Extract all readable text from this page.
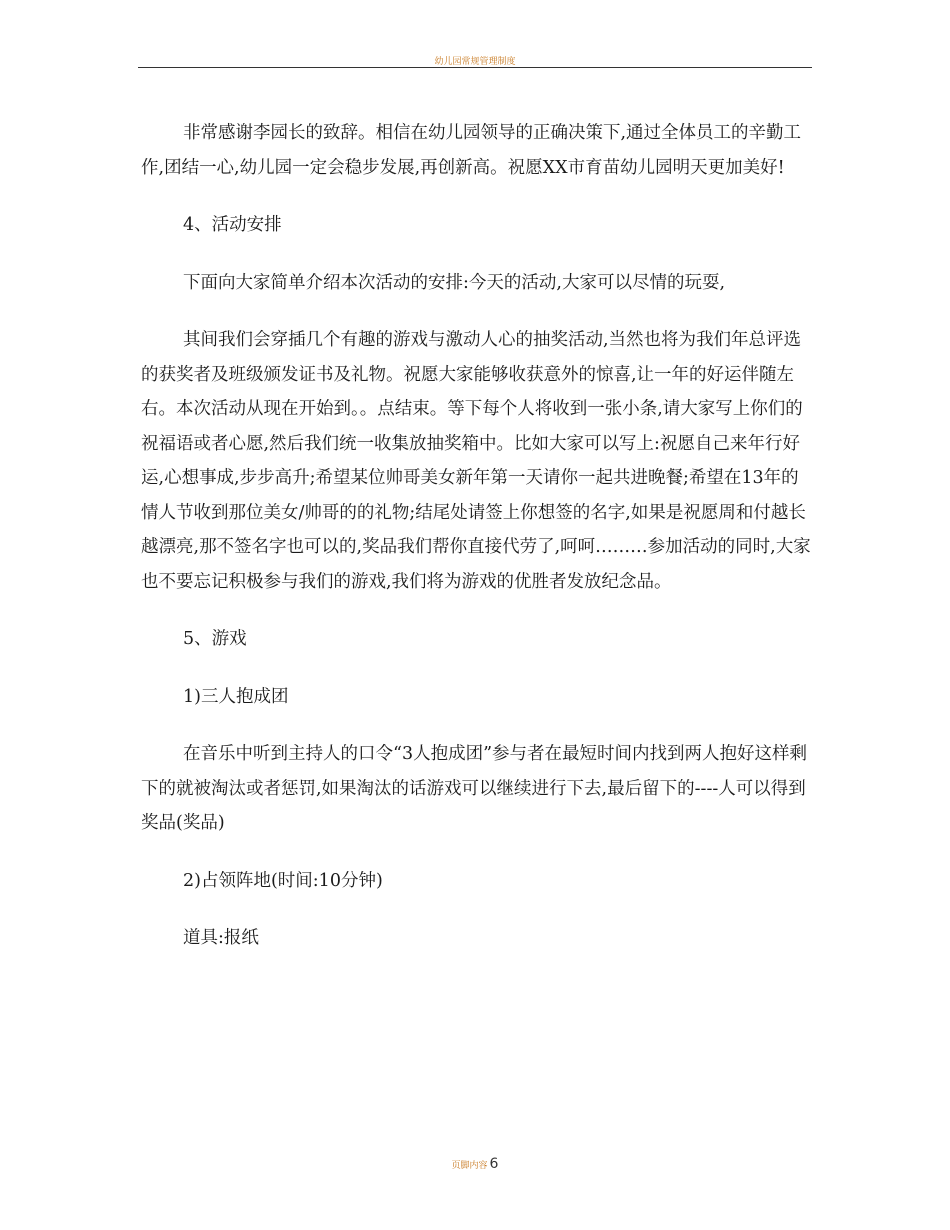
幼儿园常规管理制度

非常感谢李园长的致辞。相信在幼儿园领导的正确决策下,通过全体员工的辛勤工作,团结一心,幼儿园一定会稳步发展,再创新高。祝愿XX市育苗幼儿园明天更加美好!

4、活动安排

下面向大家简单介绍本次活动的安排:今天的活动,大家可以尽情的玩耍,

其间我们会穿插几个有趣的游戏与激动人心的抽奖活动,当然也将为我们年总评选的获奖者及班级颁发证书及礼物。祝愿大家能够收获意外的惊喜,让一年的好运伴随左右。本次活动从现在开始到。。点结束。等下每个人将收到一张小条,请大家写上你们的祝福语或者心愿,然后我们统一收集放抽奖箱中。比如大家可以写上:祝愿自己来年行好运,心想事成,步步高升;希望某位帅哥美女新年第一天请你一起共进晚餐;希望在13年的情人节收到那位美女/帅哥的的礼物;结尾处请签上你想签的名字,如果是祝愿周和付越长越漂亮,那不签名字也可以的,奖品我们帮你直接代劳了,呵呵………参加活动的同时,大家也不要忘记积极参与我们的游戏,我们将为游戏的优胜者发放纪念品。

5、游戏

1)三人抱成团

在音乐中听到主持人的口令“3人抱成团”参与者在最短时间内找到两人抱好这样剩下的就被淘汰或者惩罚,如果淘汰的话游戏可以继续进行下去,最后留下的----人可以得到奖品(奖品)

2)占领阵地(时间:10分钟)

道具:报纸

页脚内容 6
